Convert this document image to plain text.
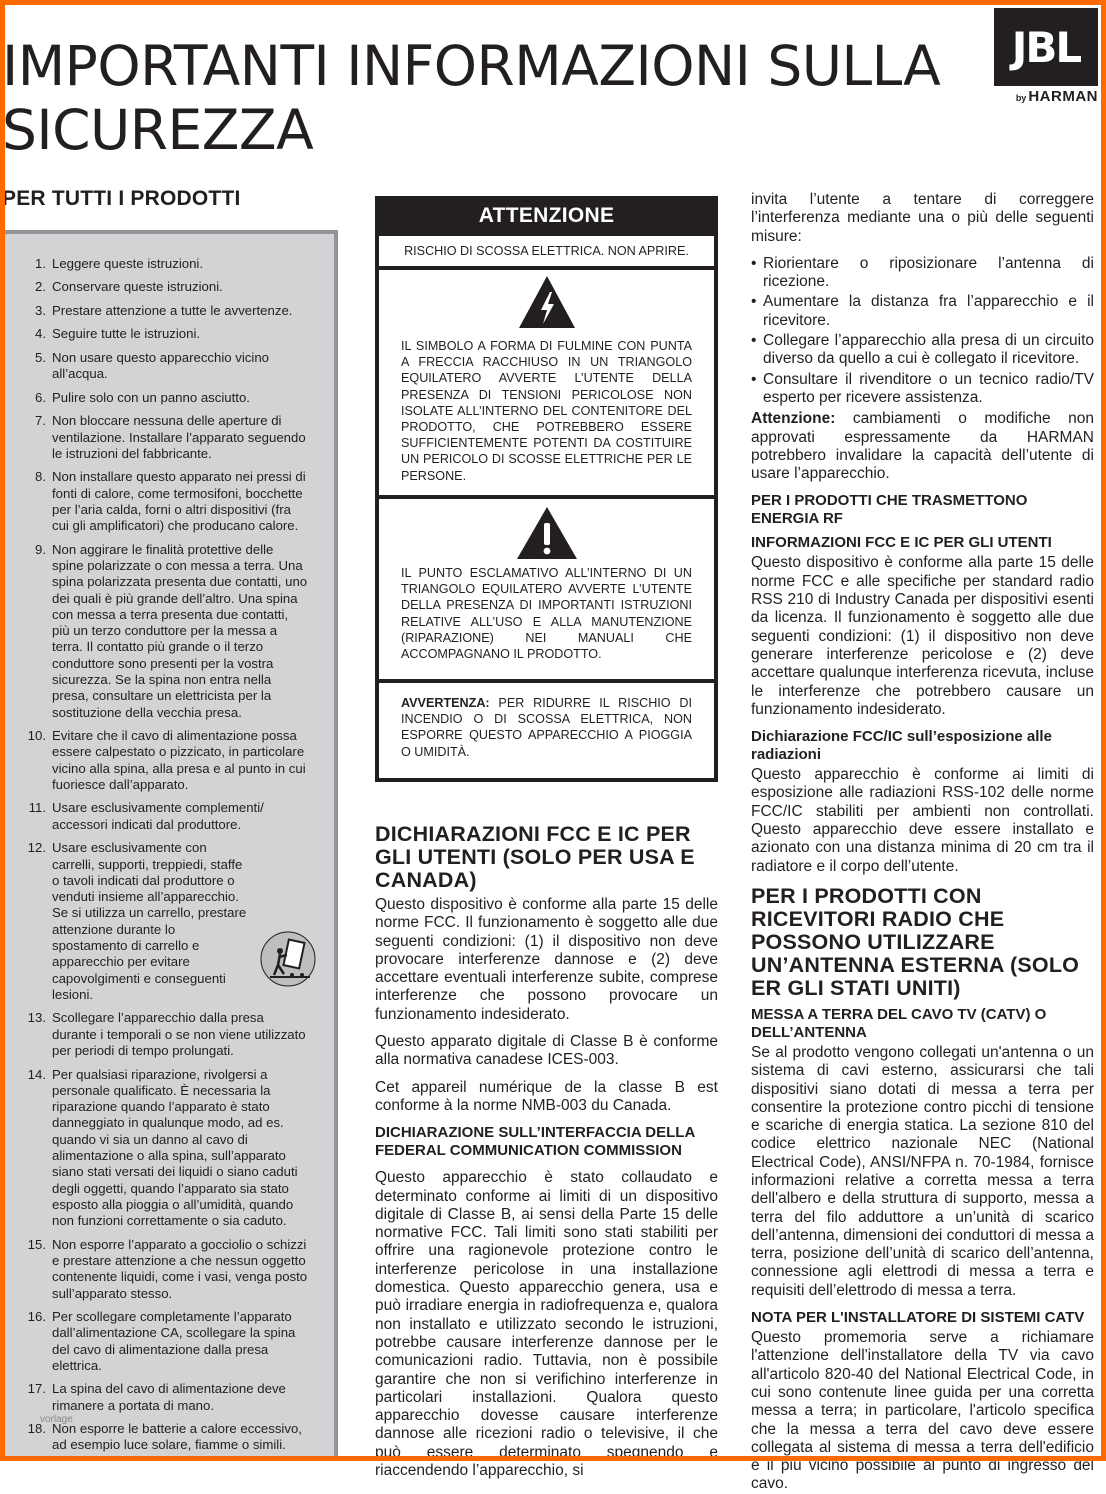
IMPORTANTI INFORMAZIONI SULLA
SICUREZZA
JBL
by HARMAN
PER TUTTI I PRODOTTI
1. Leggere queste istruzioni.
2. Conservare queste istruzioni.
3. Prestare attenzione a tutte le avvertenze.
4. Seguire tutte le istruzioni.
5. Non usare questo apparecchio vicino all’acqua.
6. Pulire solo con un panno asciutto.
7. Non bloccare nessuna delle aperture di ventilazione. Installare l’apparato seguendo le istruzioni del fabbricante.
8. Non installare questo apparato nei pressi di fonti di calore, come termosifoni, bocchette per l’aria calda, forni o altri dispositivi (fra cui gli amplificatori) che producano calore.
9. Non aggirare le finalità protettive delle spine polarizzate o con messa a terra. Una spina polarizzata presenta due contatti, uno dei quali è più grande dell’altro. Una spina con messa a terra presenta due contatti, più un terzo conduttore per la messa a terra. Il contatto più grande o il terzo conduttore sono presenti per la vostra sicurezza. Se la spina non entra nella presa, consultare un elettricista per la sostituzione della vecchia presa.
10. Evitare che il cavo di alimentazione possa essere calpestato o pizzicato, in particolare vicino alla spina, alla presa e al punto in cui fuoriesce dall’apparato.
11. Usare esclusivamente complementi/ accessori indicati dal produttore.
12. Usare esclusivamente con carrelli, supporti, treppiedi, staffe o tavoli indicati dal produttore o venduti insieme all’apparecchio. Se si utilizza un carrello, prestare attenzione durante lo spostamento di carrello e apparecchio per evitare capovolgimenti e conseguenti lesioni.
13. Scollegare l’apparecchio dalla presa durante i temporali o se non viene utilizzato per periodi di tempo prolungati.
14. Per qualsiasi riparazione, rivolgersi a personale qualificato. È necessaria la riparazione quando l’apparato è stato danneggiato in qualunque modo, ad es. quando vi sia un danno al cavo di alimentazione o alla spina, sull’apparato siano stati versati dei liquidi o siano caduti degli oggetti, quando l’apparato sia stato esposto alla pioggia o all’umidità, quando non funzioni correttamente o sia caduto.
15. Non esporre l’apparato a gocciolio o schizzi e prestare attenzione a che nessun oggetto contenente liquidi, come i vasi, venga posto sull’apparato stesso.
16. Per scollegare completamente l’apparato dall’alimentazione CA, scollegare la spina del cavo di alimentazione dalla presa elettrica.
17. La spina del cavo di alimentazione deve rimanere a portata di mano.
18. Non esporre le batterie a calore eccessivo, ad esempio luce solare, fiamme o simili.
vorlage
ATTENZIONE
RISCHIO DI SCOSSA ELETTRICA. NON APRIRE.
IL SIMBOLO A FORMA DI FULMINE CON PUNTA A FRECCIA RACCHIUSO IN UN TRIANGOLO EQUILATERO AVVERTE L’UTENTE DELLA PRESENZA DI TENSIONI PERICOLOSE NON ISOLATE ALL’INTERNO DEL CONTENITORE DEL PRODOTTO, CHE POTREBBERO ESSERE SUFFICIENTEMENTE POTENTI DA COSTITUIRE UN PERICOLO DI SCOSSE ELETTRICHE PER LE PERSONE.
IL PUNTO ESCLAMATIVO ALL’INTERNO DI UN TRIANGOLO EQUILATERO AVVERTE L’UTENTE DELLA PRESENZA DI IMPORTANTI ISTRUZIONI RELATIVE ALL’USO E ALLA MANUTENZIONE (RIPARAZIONE) NEI MANUALI CHE ACCOMPAGNANO IL PRODOTTO.
AVVERTENZA: PER RIDURRE IL RISCHIO DI INCENDIO O DI SCOSSA ELETTRICA, NON ESPORRE QUESTO APPARECCHIO A PIOGGIA O UMIDITÀ.
DICHIARAZIONI FCC E IC PER GLI UTENTI (SOLO PER USA E CANADA)

Questo dispositivo è conforme alla parte 15 delle norme FCC. Il funzionamento è soggetto alle due seguenti condizioni: (1) il dispositivo non deve provocare interferenze dannose e (2) deve accettare eventuali interferenze subite, comprese interferenze che possono provocare un funzionamento indesiderato.

Questo apparato digitale di Classe B è conforme alla normativa canadese ICES-003.

Cet appareil numérique de la classe B est conforme à la norme NMB-003 du Canada.

DICHIARAZIONE SULL’INTERFACCIA DELLA FEDERAL COMMUNICATION COMMISSION

Questo apparecchio è stato collaudato e determinato conforme ai limiti di un dispositivo digitale di Classe B, ai sensi della Parte 15 delle normative FCC. Tali limiti sono stati stabiliti per offrire una ragionevole protezione contro le interferenze pericolose in una installazione domestica. Questo apparecchio genera, usa e può irradiare energia in radiofrequenza e, qualora non installato e utilizzato secondo le istruzioni, potrebbe causare interferenze dannose per le comunicazioni radio. Tuttavia, non è possibile garantire che non si verifichino interferenze in particolari installazioni. Qualora questo apparecchio dovesse causare interferenze dannose alle ricezioni radio o televisive, il che può essere determinato spegnendo e riaccendendo l’apparecchio, si

invita l’utente a tentare di correggere l’interferenza mediante una o più delle seguenti misure:

• Riorientare o riposizionare l’antenna di ricezione.
• Aumentare la distanza fra l’apparecchio e il ricevitore.
• Collegare l’apparecchio alla presa di un circuito diverso da quello a cui è collegato il ricevitore.
• Consultare il rivenditore o un tecnico radio/TV esperto per ricevere assistenza.

Attenzione: cambiamenti o modifiche non approvati espressamente da HARMAN potrebbero invalidare la capacità dell’utente di usare l’apparecchio.

PER I PRODOTTI CHE TRASMETTONO ENERGIA RF
INFORMAZIONI FCC E IC PER GLI UTENTI

Questo dispositivo è conforme alla parte 15 delle norme FCC e alle specifiche per standard radio RSS 210 di Industry Canada per dispositivi esenti da licenza. Il funzionamento è soggetto alle due seguenti condizioni: (1) il dispositivo non deve generare interferenze pericolose e (2) deve accettare qualunque interferenza ricevuta, incluse le interferenze che potrebbero causare un funzionamento indesiderato.

Dichiarazione FCC/IC sull’esposizione alle radiazioni

Questo apparecchio è conforme ai limiti di esposizione alle radiazioni RSS-102 delle norme FCC/IC stabiliti per ambienti non controllati. Questo apparecchio deve essere installato e azionato con una distanza minima di 20 cm tra il radiatore e il corpo dell’utente.

PER I PRODOTTI CON RICEVITORI RADIO CHE POSSONO UTILIZZARE UN’ANTENNA ESTERNA (SOLO ER GLI STATI UNITI)
MESSA A TERRA DEL CAVO TV (CATV) O DELL’ANTENNA

Se al prodotto vengono collegati un'antenna o un sistema di cavi esterno, assicurarsi che tali dispositivi siano dotati di messa a terra per consentire la protezione contro picchi di tensione e scariche di energia statica. La sezione 810 del codice elettrico nazionale NEC (National Electrical Code), ANSI/NFPA n. 70-1984, fornisce informazioni relative a corretta messa a terra dell'albero e della struttura di supporto, messa a terra del filo adduttore a un’unità di scarico dell’antenna, dimensioni dei conduttori di messa a terra, posizione dell’unità di scarico dell’antenna, connessione agli elettrodi di messa a terra e requisiti dell’elettrodo di messa a terra.

NOTA PER L'INSTALLATORE DI SISTEMI CATV

Questo promemoria serve a richiamare l'attenzione dell'installatore della TV via cavo all'articolo 820-40 del National Electrical Code, in cui sono contenute linee guida per una corretta messa a terra; in particolare, l'articolo specifica che la messa a terra del cavo deve essere collegata al sistema di messa a terra dell'edificio e il più vicino possibile al punto di ingresso del cavo.
